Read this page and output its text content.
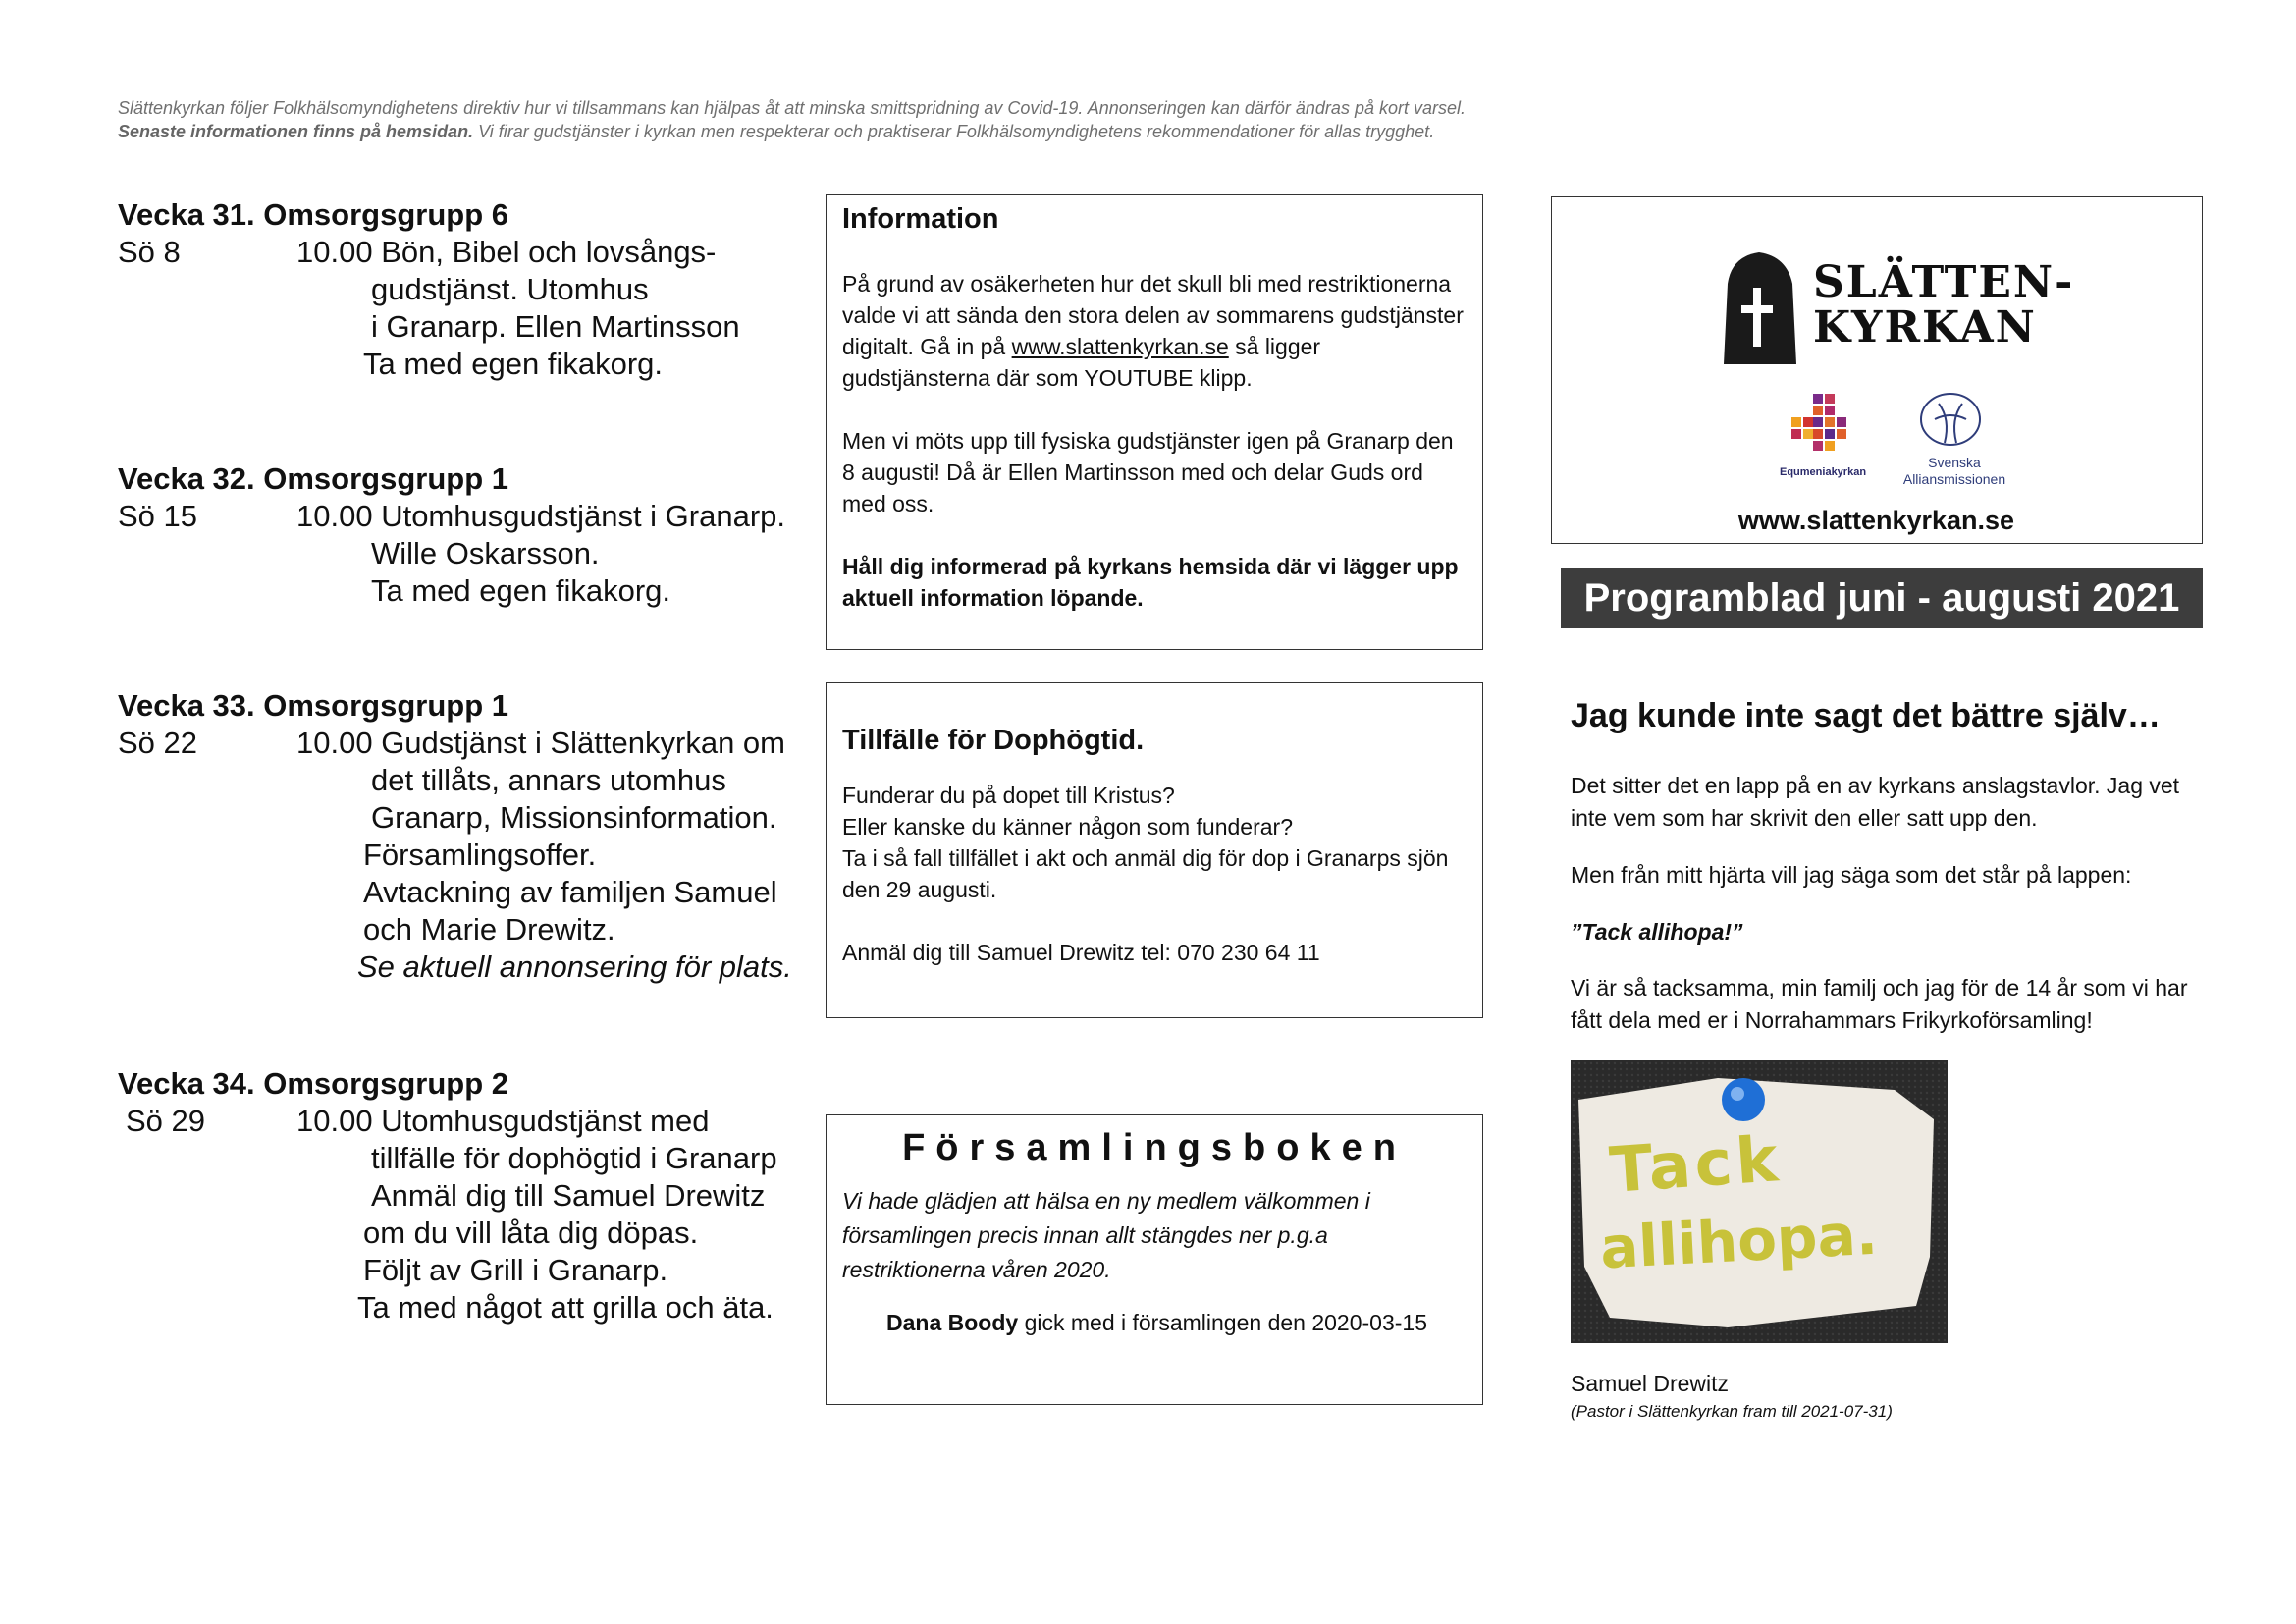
Slättenkyrkan följer Folkhälsomyndighetens direktiv hur vi tillsammans kan hjälpas åt att minska smittspridning av Covid-19. Annonseringen kan därför ändras på kort varsel.
Senaste informationen finns på hemsidan. Vi firar gudstjänster i kyrkan men respekterar och praktiserar Folkhälsomyndighetens rekommendationer för allas trygghet.
Vecka 31. Omsorgsgrupp 6
Sö 8	10.00 Bön, Bibel och lovsångs-
gudstjänst. Utomhus
i Granarp. Ellen Martinsson
Ta med egen fikakorg.
Vecka 32. Omsorgsgrupp 1
Sö 15	10.00 Utomhusgudstjänst i Granarp.
Wille Oskarsson.
Ta med egen fikakorg.
Vecka 33. Omsorgsgrupp 1
Sö 22	10.00 Gudstjänst i Slättenkyrkan om
det tillåts, annars utomhus
Granarp, Missionsinformation.
Församlingsoffer.
Avtackning av familjen Samuel
och Marie Drewitz.
Se aktuell annonsering för plats.
Vecka 34. Omsorgsgrupp 2
Sö 29	10.00 Utomhusgudstjänst med
tillfälle för dophögtid i Granarp
Anmäl dig till Samuel Drewitz
om du vill låta dig döpas.
Följt av Grill i Granarp.
Ta med något att grilla och äta.

Information

På grund av osäkerheten hur det skull bli med restriktionerna valde vi att sända den stora delen av sommarens gudstjänster digitalt. Gå in på www.slattenkyrkan.se så ligger gudstjänsterna där som YOUTUBE klipp.

Men vi möts upp till fysiska gudstjänster igen på Granarp den 8 augusti! Då är Ellen Martinsson med och delar Guds ord med oss.

Håll dig informerad på kyrkans hemsida där vi lägger upp aktuell information löpande.

Tillfälle för Dophögtid.

Funderar du på dopet till Kristus?

Eller kanske du känner någon som funderar?

Ta i så fall tillfället i akt och anmäl dig för dop i Granarps sjön den 29 augusti.

Anmäl dig till Samuel Drewitz tel: 070 230 64 11

Församlingsboken

Vi hade glädjen att hälsa en ny medlem välkommen i församlingen precis innan allt stängdes ner p.g.a restriktionerna våren 2020.

Dana Boody gick med i församlingen den 2020-03-15

SLÄTTEN-
KYRKAN
Equmeniakyrkan
Svenska
Alliansmissionen
www.slattenkyrkan.se
Programblad juni - augusti 2021
Jag kunde inte sagt det bättre själv…
Det sitter det en lapp på en av kyrkans anslagstavlor. Jag vet inte vem som har skrivit den eller satt upp den.
Men från mitt hjärta vill jag säga som det står på lappen:
”Tack allihopa!”
Vi är så tacksamma, min familj och jag för de 14 år som vi har fått dela med er i Norrahammars Frikyrkoförsamling!
Tack
allihopa.
Samuel Drewitz
(Pastor i Slättenkyrkan fram till 2021-07-31)
